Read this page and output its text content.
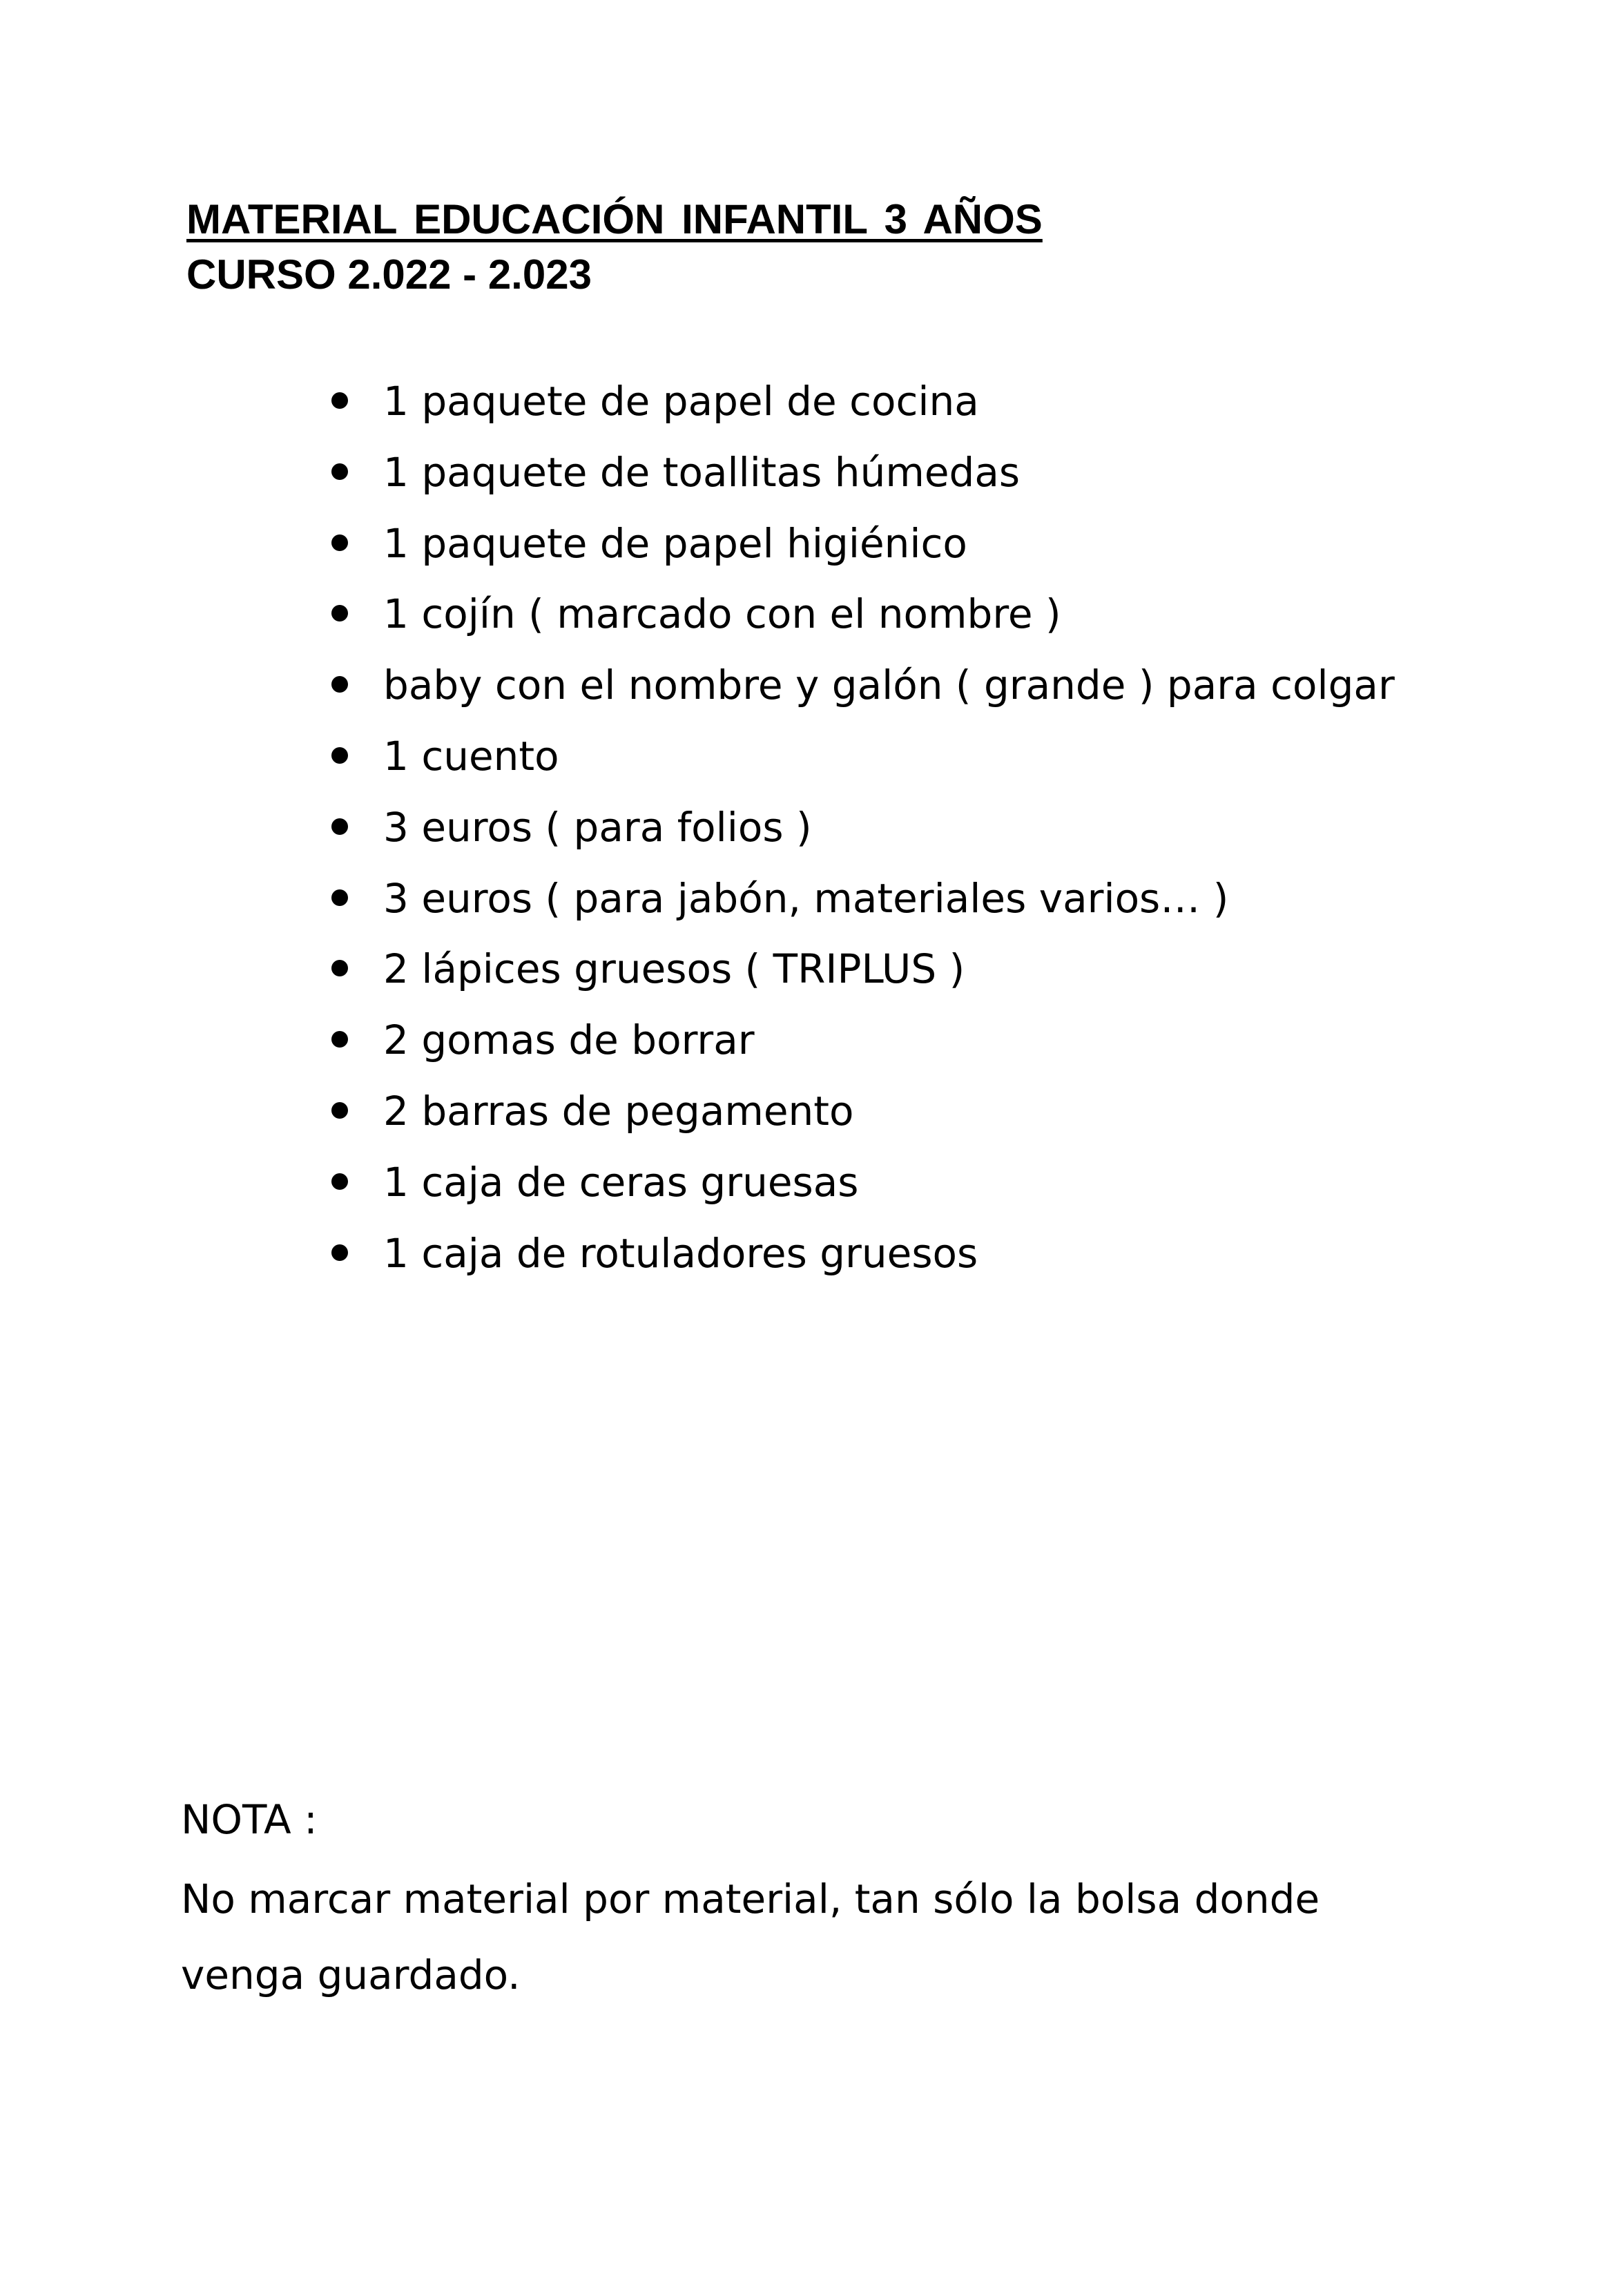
MATERIAL EDUCACIÓN INFANTIL 3 AÑOS
CURSO 2.022 - 2.023
1 paquete de papel de cocina
1 paquete de toallitas húmedas
1 paquete de papel higiénico
1 cojín ( marcado con el nombre )
baby con el nombre y galón ( grande ) para colgar
1 cuento
3 euros ( para folios )
3 euros ( para jabón, materiales varios… )
2 lápices gruesos ( TRIPLUS )
2 gomas de borrar
2 barras de pegamento
1 caja de ceras gruesas
1 caja de rotuladores gruesos
NOTA :
No marcar material por material, tan sólo la bolsa donde venga guardado.
